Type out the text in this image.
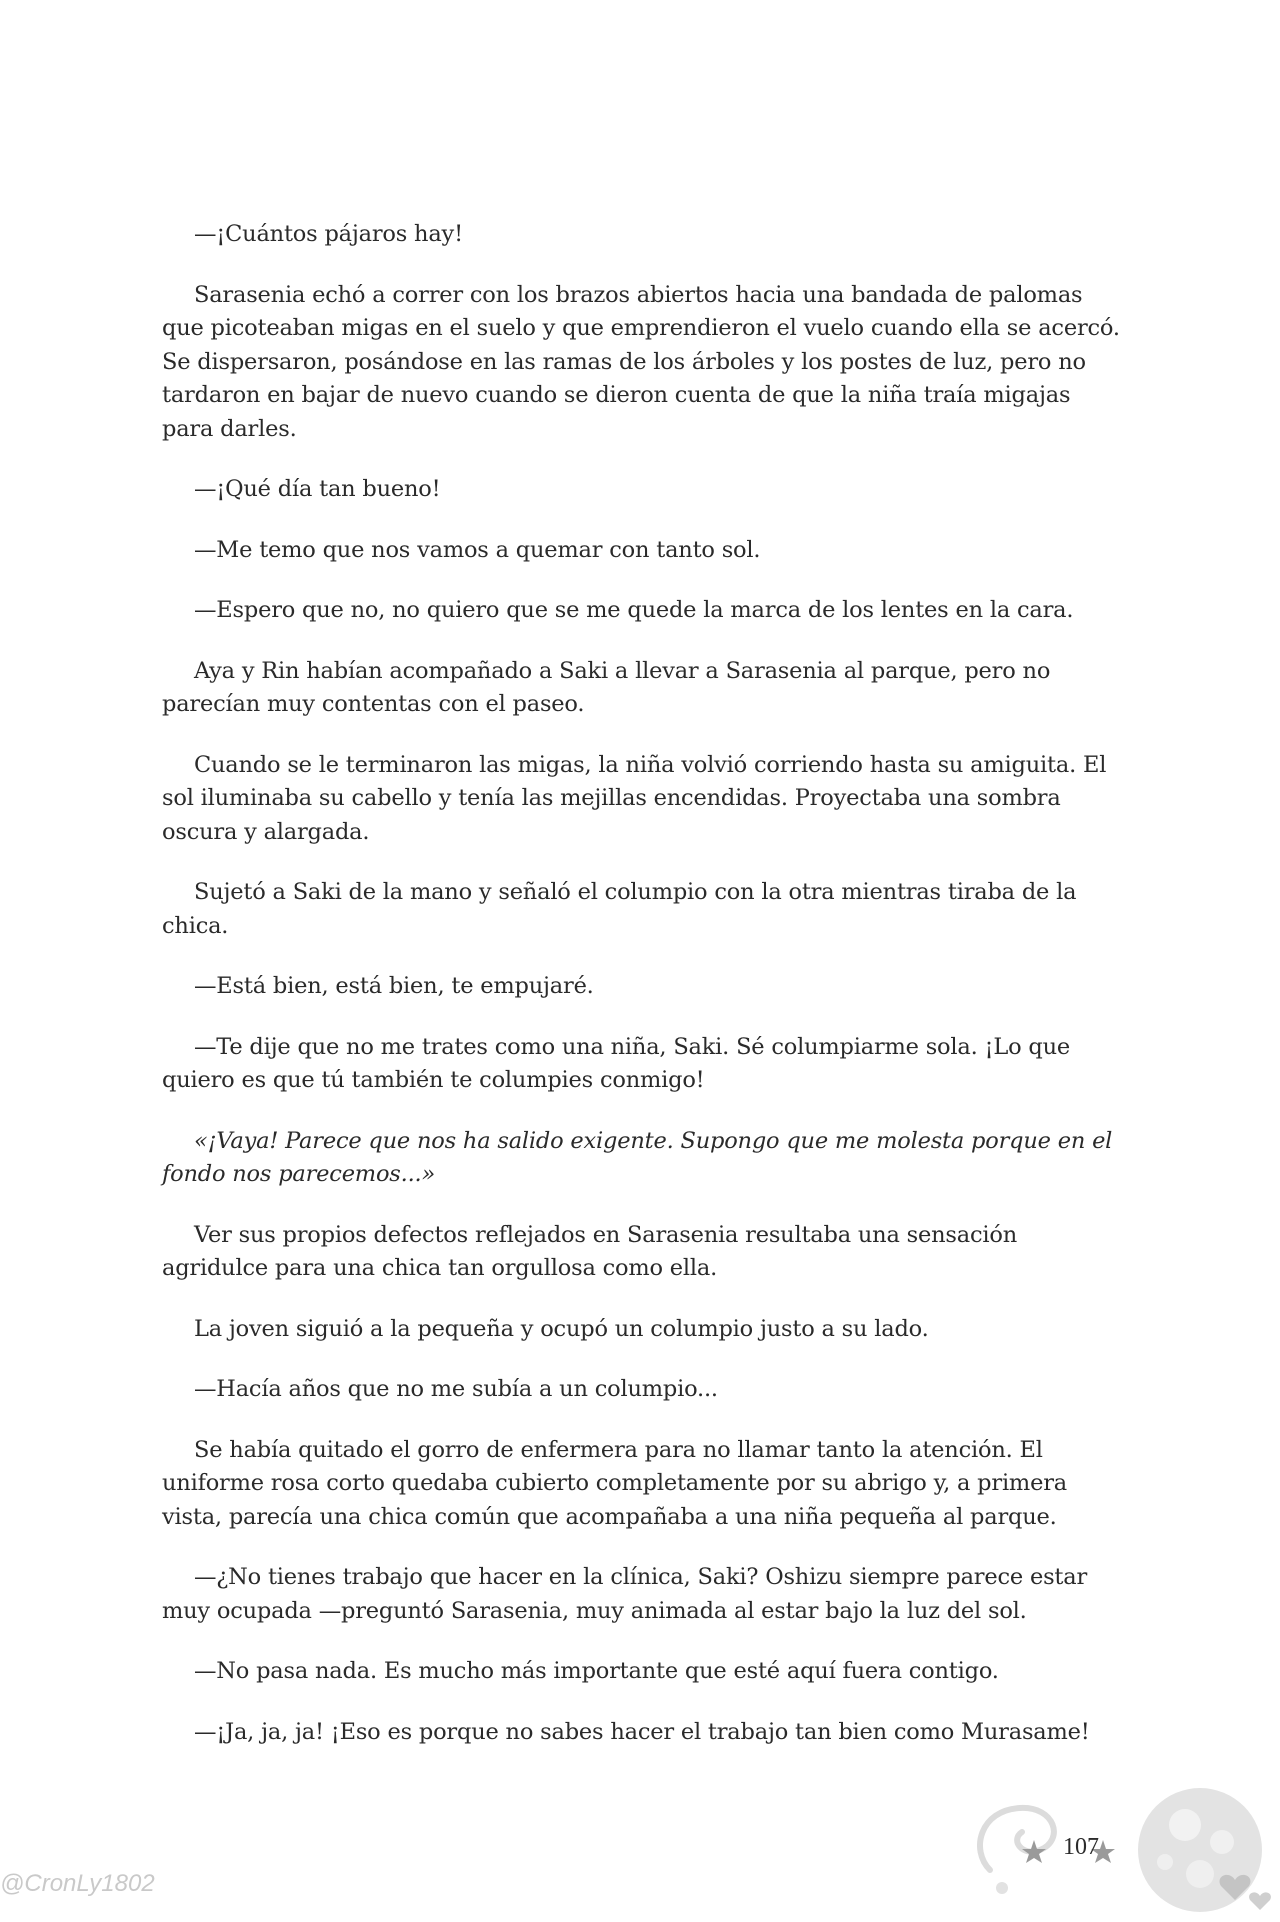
—¡Cuántos pájaros hay!

Sarasenia echó a correr con los brazos abiertos hacia una bandada de palomas que picoteaban migas en el suelo y que emprendieron el vuelo cuando ella se acercó. Se dispersaron, posándose en las ramas de los árboles y los postes de luz, pero no tardaron en bajar de nuevo cuando se dieron cuenta de que la niña traía migajas para darles.

—¡Qué día tan bueno!

—Me temo que nos vamos a quemar con tanto sol.

—Espero que no, no quiero que se me quede la marca de los lentes en la cara.

Aya y Rin habían acompañado a Saki a llevar a Sarasenia al parque, pero no parecían muy contentas con el paseo.

Cuando se le terminaron las migas, la niña volvió corriendo hasta su amiguita. El sol iluminaba su cabello y tenía las mejillas encendidas. Proyectaba una sombra oscura y alargada.

Sujetó a Saki de la mano y señaló el columpio con la otra mientras tiraba de la chica.

—Está bien, está bien, te empujaré.

—Te dije que no me trates como una niña, Saki. Sé columpiarme sola. ¡Lo que quiero es que tú también te columpies conmigo!

«¡Vaya! Parece que nos ha salido exigente. Supongo que me molesta porque en el fondo nos parecemos...»

Ver sus propios defectos reflejados en Sarasenia resultaba una sensación agridulce para una chica tan orgullosa como ella.

La joven siguió a la pequeña y ocupó un columpio justo a su lado.

—Hacía años que no me subía a un columpio...

Se había quitado el gorro de enfermera para no llamar tanto la atención. El uniforme rosa corto quedaba cubierto completamente por su abrigo y, a primera vista, parecía una chica común que acompañaba a una niña pequeña al parque.

—¿No tienes trabajo que hacer en la clínica, Saki? Oshizu siempre parece estar muy ocupada —preguntó Sarasenia, muy animada al estar bajo la luz del sol.

—No pasa nada. Es mucho más importante que esté aquí fuera contigo.

—¡Ja, ja, ja! ¡Eso es porque no sabes hacer el trabajo tan bien como Murasame!

107
@CronLy1802
